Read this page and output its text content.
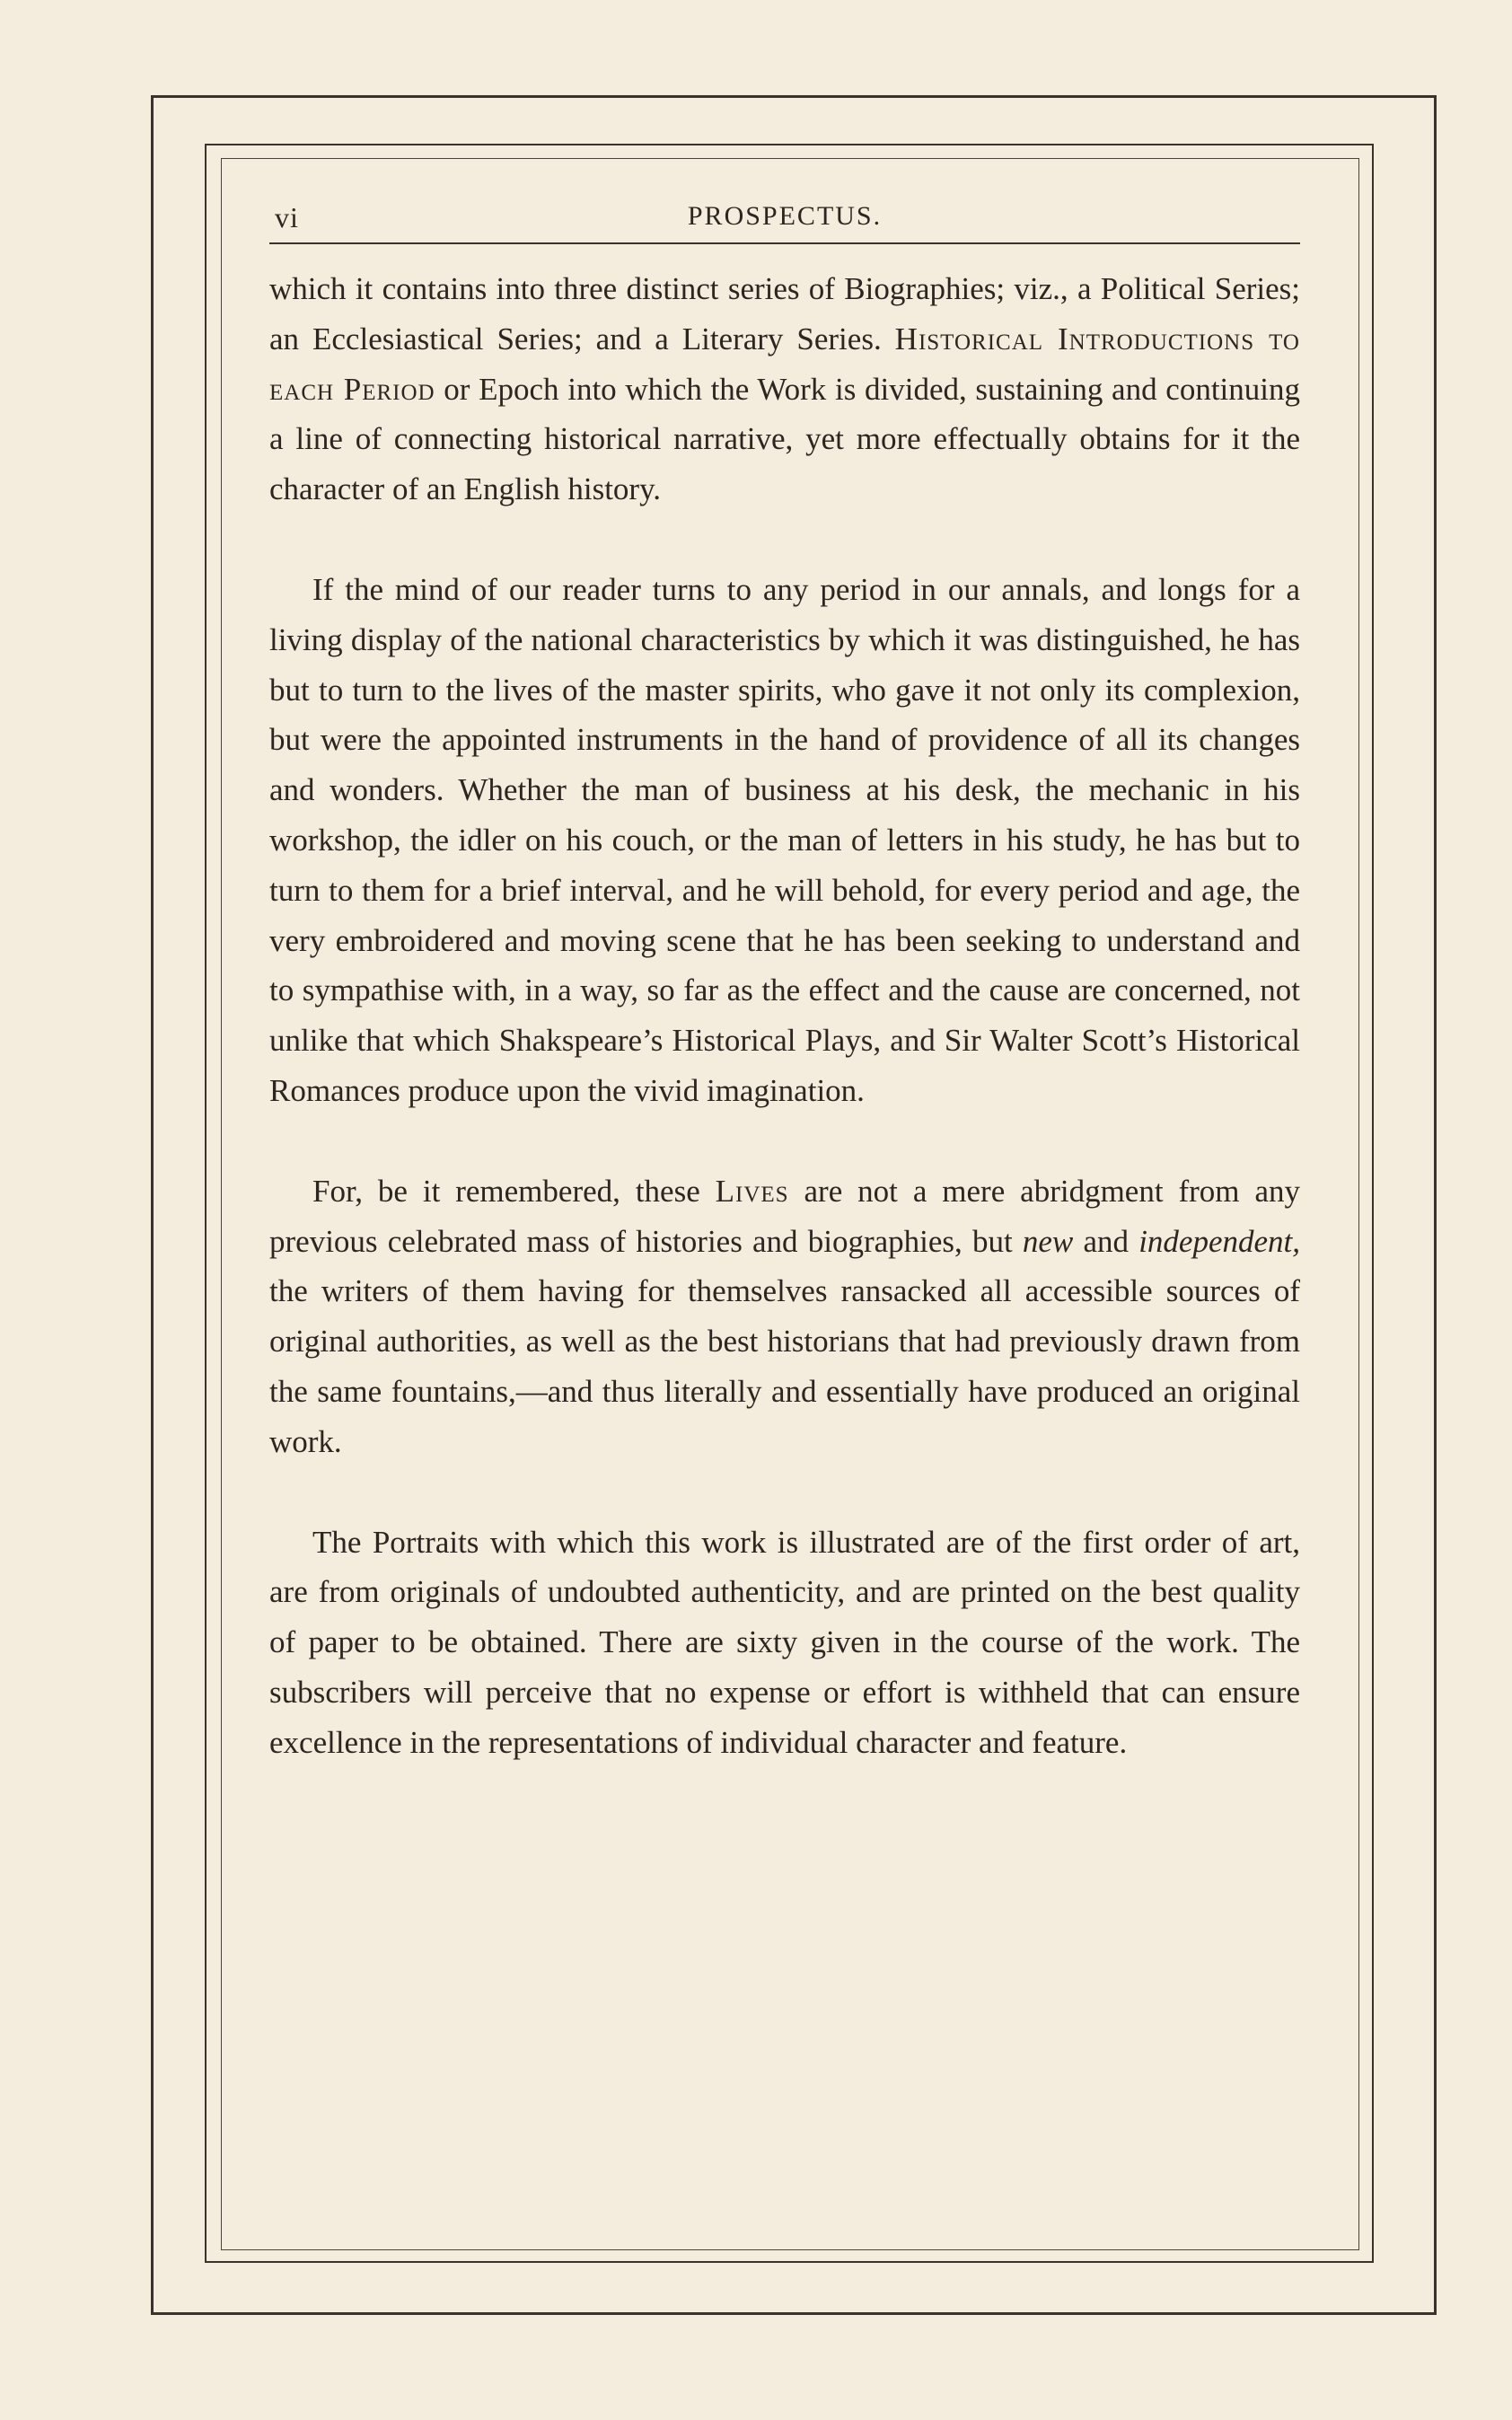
vi	PROSPECTUS.

which it contains into three distinct series of Biographies; viz., a Political Series; an Ecclesiastical Series; and a Literary Series. Historical Introductions to each Period or Epoch into which the Work is divided, sustaining and continuing a line of connecting historical narrative, yet more effectually obtains for it the character of an English history.

If the mind of our reader turns to any period in our annals, and longs for a living display of the national characteristics by which it was distinguished, he has but to turn to the lives of the master spirits, who gave it not only its complexion, but were the appointed instruments in the hand of providence of all its changes and wonders. Whether the man of business at his desk, the mechanic in his workshop, the idler on his couch, or the man of letters in his study, he has but to turn to them for a brief interval, and he will behold, for every period and age, the very embroidered and moving scene that he has been seeking to understand and to sympathise with, in a way, so far as the effect and the cause are concerned, not unlike that which Shakspeare’s Historical Plays, and Sir Walter Scott’s Historical Romances produce upon the vivid imagination.

For, be it remembered, these Lives are not a mere abridgment from any previous celebrated mass of histories and biographies, but new and independent, the writers of them having for themselves ransacked all accessible sources of original authorities, as well as the best historians that had previously drawn from the same fountains,—and thus literally and essentially have produced an original work.

The Portraits with which this work is illustrated are of the first order of art, are from originals of undoubted authenticity, and are printed on the best quality of paper to be obtained. There are sixty given in the course of the work. The subscribers will perceive that no expense or effort is withheld that can ensure excellence in the representations of individual character and feature.
